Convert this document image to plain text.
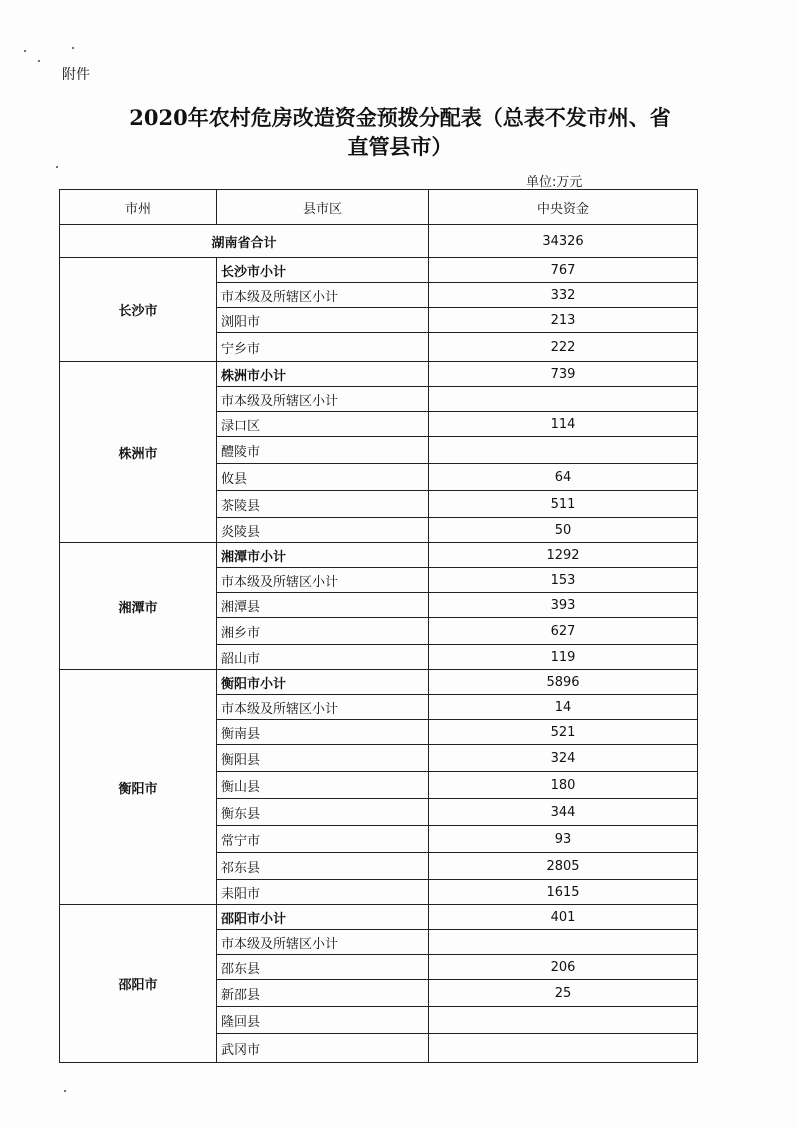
附件
2020年农村危房改造资金预拨分配表（总表不发市州、省
直管县市）
单位:万元
市州	县市区	中央资金
湖南省合计		34326
长沙市	长沙市小计	767
	市本级及所辖区小计	332
	浏阳市	213
	宁乡市	222
株洲市	株洲市小计	739
	市本级及所辖区小计	
	渌口区	114
	醴陵市	
	攸县	64
	茶陵县	511
	炎陵县	50
湘潭市	湘潭市小计	1292
	市本级及所辖区小计	153
	湘潭县	393
	湘乡市	627
	韶山市	119
衡阳市	衡阳市小计	5896
	市本级及所辖区小计	14
	衡南县	521
	衡阳县	324
	衡山县	180
	衡东县	344
	常宁市	93
	祁东县	2805
	耒阳市	1615
邵阳市	邵阳市小计	401
	市本级及所辖区小计	
	邵东县	206
	新邵县	25
	隆回县	
	武冈市	
